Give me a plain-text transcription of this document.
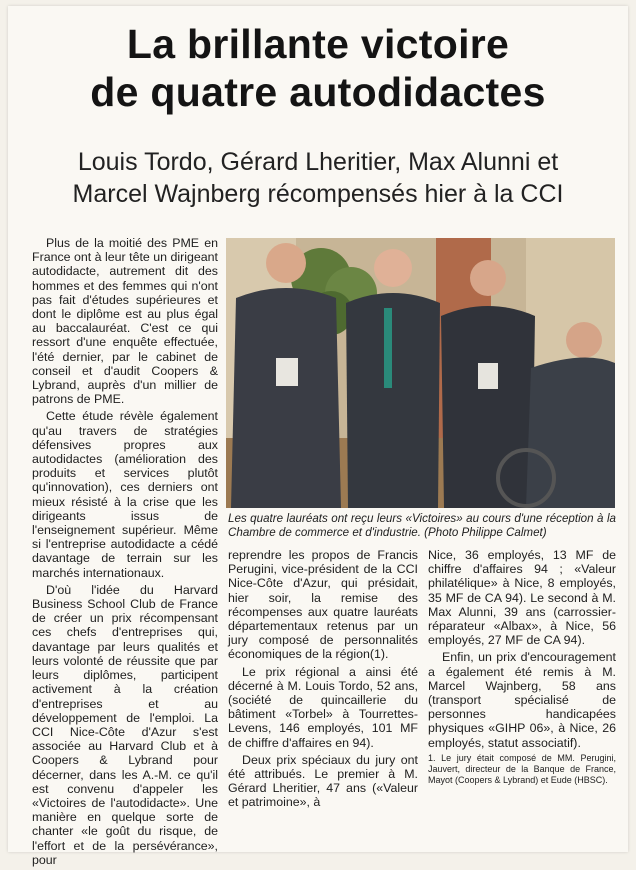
La brillante victoire
de quatre autodidactes
Louis Tordo, Gérard Lheritier, Max Alunni et
Marcel Wajnberg récompensés hier à la CCI

Plus de la moitié des PME en France ont à leur tête un dirigeant autodidacte, autrement dit des hommes et des femmes qui n'ont pas fait d'études supérieures et dont le diplôme est au plus égal au baccalauréat. C'est ce qui ressort d'une enquête effectuée, l'été dernier, par le cabinet de conseil et d'audit Coopers & Lybrand, auprès d'un millier de patrons de PME.

Cette étude révèle également qu'au travers de stratégies défensives propres aux autodidactes (amélioration des produits et services plutôt qu'innovation), ces derniers ont mieux résisté à la crise que les dirigeants issus de l'enseignement supérieur. Même si l'entreprise autodidacte a cédé davantage de terrain sur les marchés internationaux.

D'où l'idée du Harvard Business School Club de France de créer un prix récompensant ces chefs d'entreprises qui, davantage par leurs qualités et leurs volonté de réussite que par leurs diplômes, participent activement à la création d'entreprises et au développement de l'emploi. La CCI Nice-Côte d'Azur s'est associée au Harvard Club et à Coopers & Lybrand pour décerner, dans les A.-M. ce qu'il est convenu d'appeler les «Victoires de l'autodidacte». Une manière en quelque sorte de chanter «le goût du risque, de l'effort et de la persévérance», pour

Les quatre lauréats ont reçu leurs «Victoires» au cours d'une réception à la Chambre de commerce et d'industrie. (Photo Philippe Calmet)

reprendre les propos de Francis Perugini, vice-président de la CCI Nice-Côte d'Azur, qui présidait, hier soir, la remise des récompenses aux quatre lauréats départementaux retenus par un jury composé de personnalités économiques de la région(1).

Le prix régional a ainsi été décerné à M. Louis Tordo, 52 ans, (société de quincaillerie du bâtiment «Torbel» à Tourrettes-Levens, 146 employés, 101 MF de chiffre d'affaires en 94).

Deux prix spéciaux du jury ont été attribués. Le premier à M. Gérard Lheritier, 47 ans («Valeur et patrimoine», à

Nice, 36 employés, 13 MF de chiffre d'affaires 94 ; «Valeur philatélique» à Nice, 8 employés, 35 MF de CA 94). Le second à M. Max Alunni, 39 ans (carrossier-réparateur «Albax», à Nice, 56 employés, 27 MF de CA 94).

Enfin, un prix d'encouragement a également été remis à M. Marcel Wajnberg, 58 ans (transport spécialisé de personnes handicapées physiques «GIHP 06», à Nice, 26 employés, statut associatif).

1. Le jury était composé de MM. Perugini, Jauvert, directeur de la Banque de France, Mayot (Coopers & Lybrand) et Eude (HBSC).
